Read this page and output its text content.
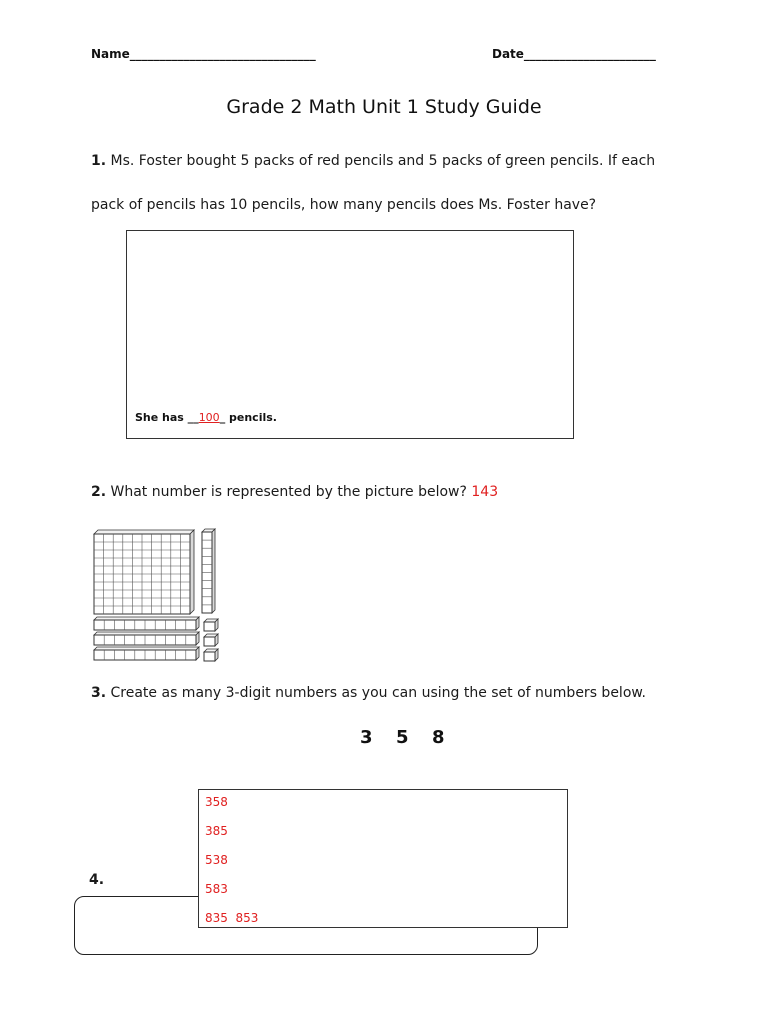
Name_______________________________	Date______________________
Grade 2 Math Unit 1 Study Guide
1. Ms. Foster bought 5 packs of red pencils and 5 packs of green pencils. If each
pack of pencils has 10 pencils, how many pencils does Ms. Foster have?
She has __100_ pencils.
2. What number is represented by the picture below? 143
3. Create as many 3-digit numbers as you can using the set of numbers below.
3 5 8
4.
358
385
538
583
835  853
